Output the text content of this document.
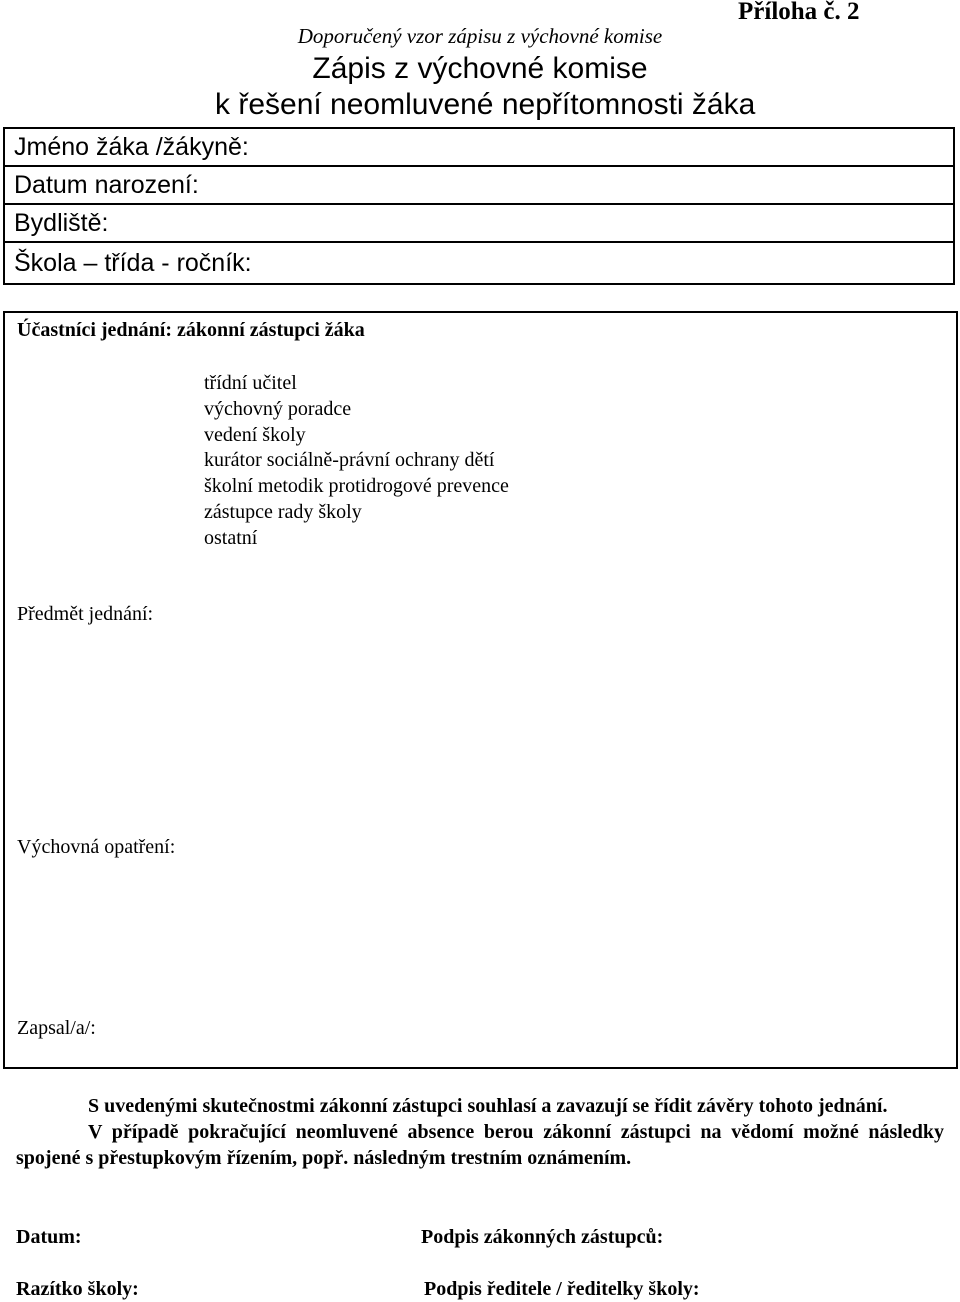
Příloha č. 2
Doporučený vzor zápisu z výchovné komise
Zápis z výchovné komise
k řešení neomluvené nepřítomnosti žáka
Jméno žáka /žákyně:
Datum narození:
Bydliště:
Škola – třída - ročník:
Účastníci jednání: zákonní zástupci žáka
třídní učitel
výchovný poradce
vedení školy
kurátor sociálně-právní ochrany dětí
školní metodik protidrogové prevence
zástupce rady školy
ostatní
Předmět jednání:
Výchovná opatření:
Zapsal/a/:

S uvedenými skutečnostmi zákonní zástupci souhlasí a zavazují se řídit závěry tohoto jednání.

V případě pokračující neomluvené absence berou zákonní zástupci na vědomí možné následky spojené s přestupkovým řízením, popř. následným trestním oznámením.

Datum:	Podpis zákonných zástupců:
Razítko školy:	Podpis ředitele / ředitelky školy:
